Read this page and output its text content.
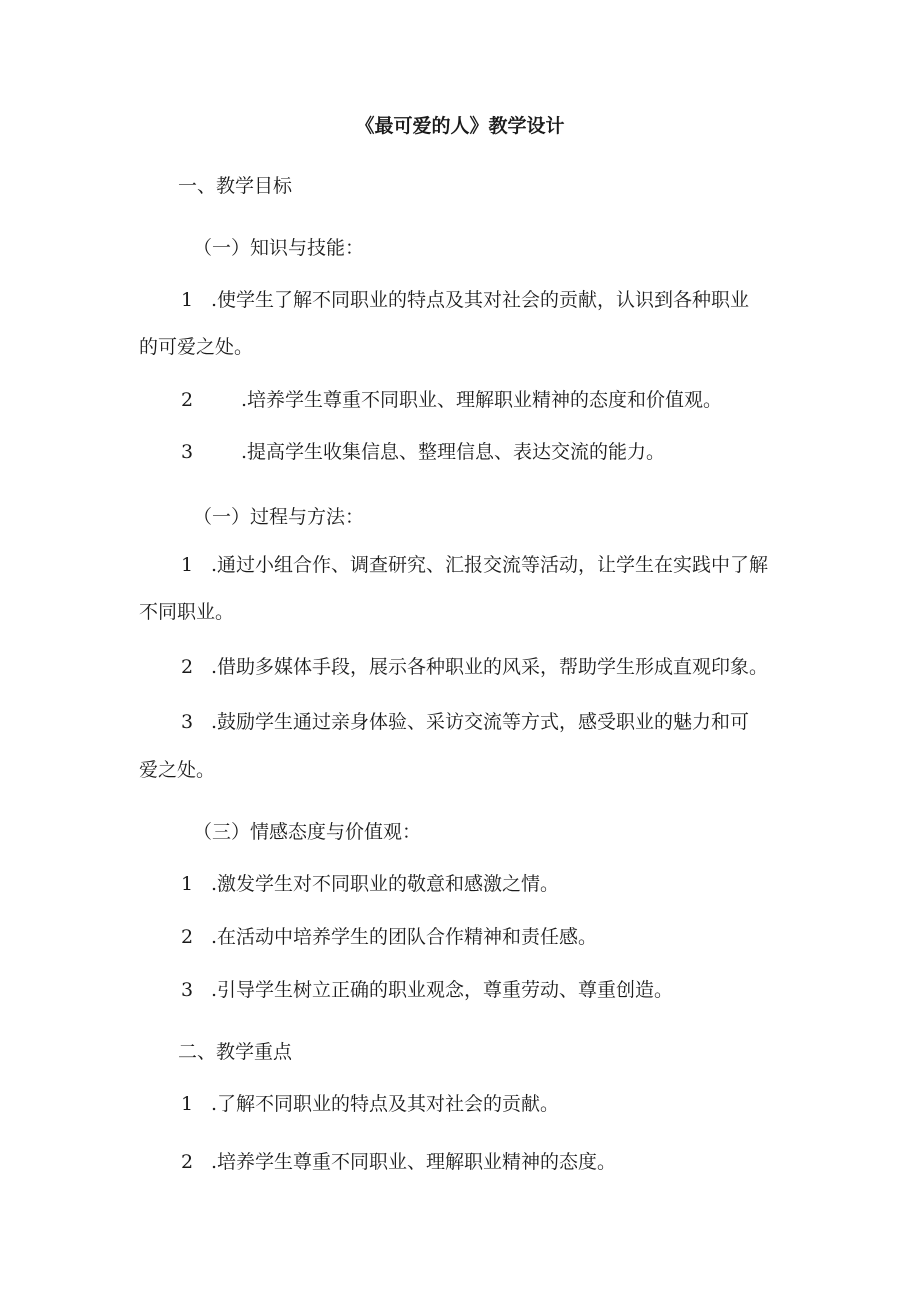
《最可爱的人》教学设计
一、教学目标
（一）知识与技能：
1 .使学生了解不同职业的特点及其对社会的贡献，认识到各种职业
的可爱之处。
2	.培养学生尊重不同职业、理解职业精神的态度和价值观。
3	.提高学生收集信息、整理信息、表达交流的能力。
（一）过程与方法：
1 .通过小组合作、调查研究、汇报交流等活动，让学生在实践中了解
不同职业。
2 .借助多媒体手段，展示各种职业的风采，帮助学生形成直观印象。
3 .鼓励学生通过亲身体验、采访交流等方式，感受职业的魅力和可
爱之处。
（三）情感态度与价值观：
1 .激发学生对不同职业的敬意和感激之情。
2 .在活动中培养学生的团队合作精神和责任感。
3 .引导学生树立正确的职业观念，尊重劳动、尊重创造。
二、教学重点
1 .了解不同职业的特点及其对社会的贡献。
2 .培养学生尊重不同职业、理解职业精神的态度。
